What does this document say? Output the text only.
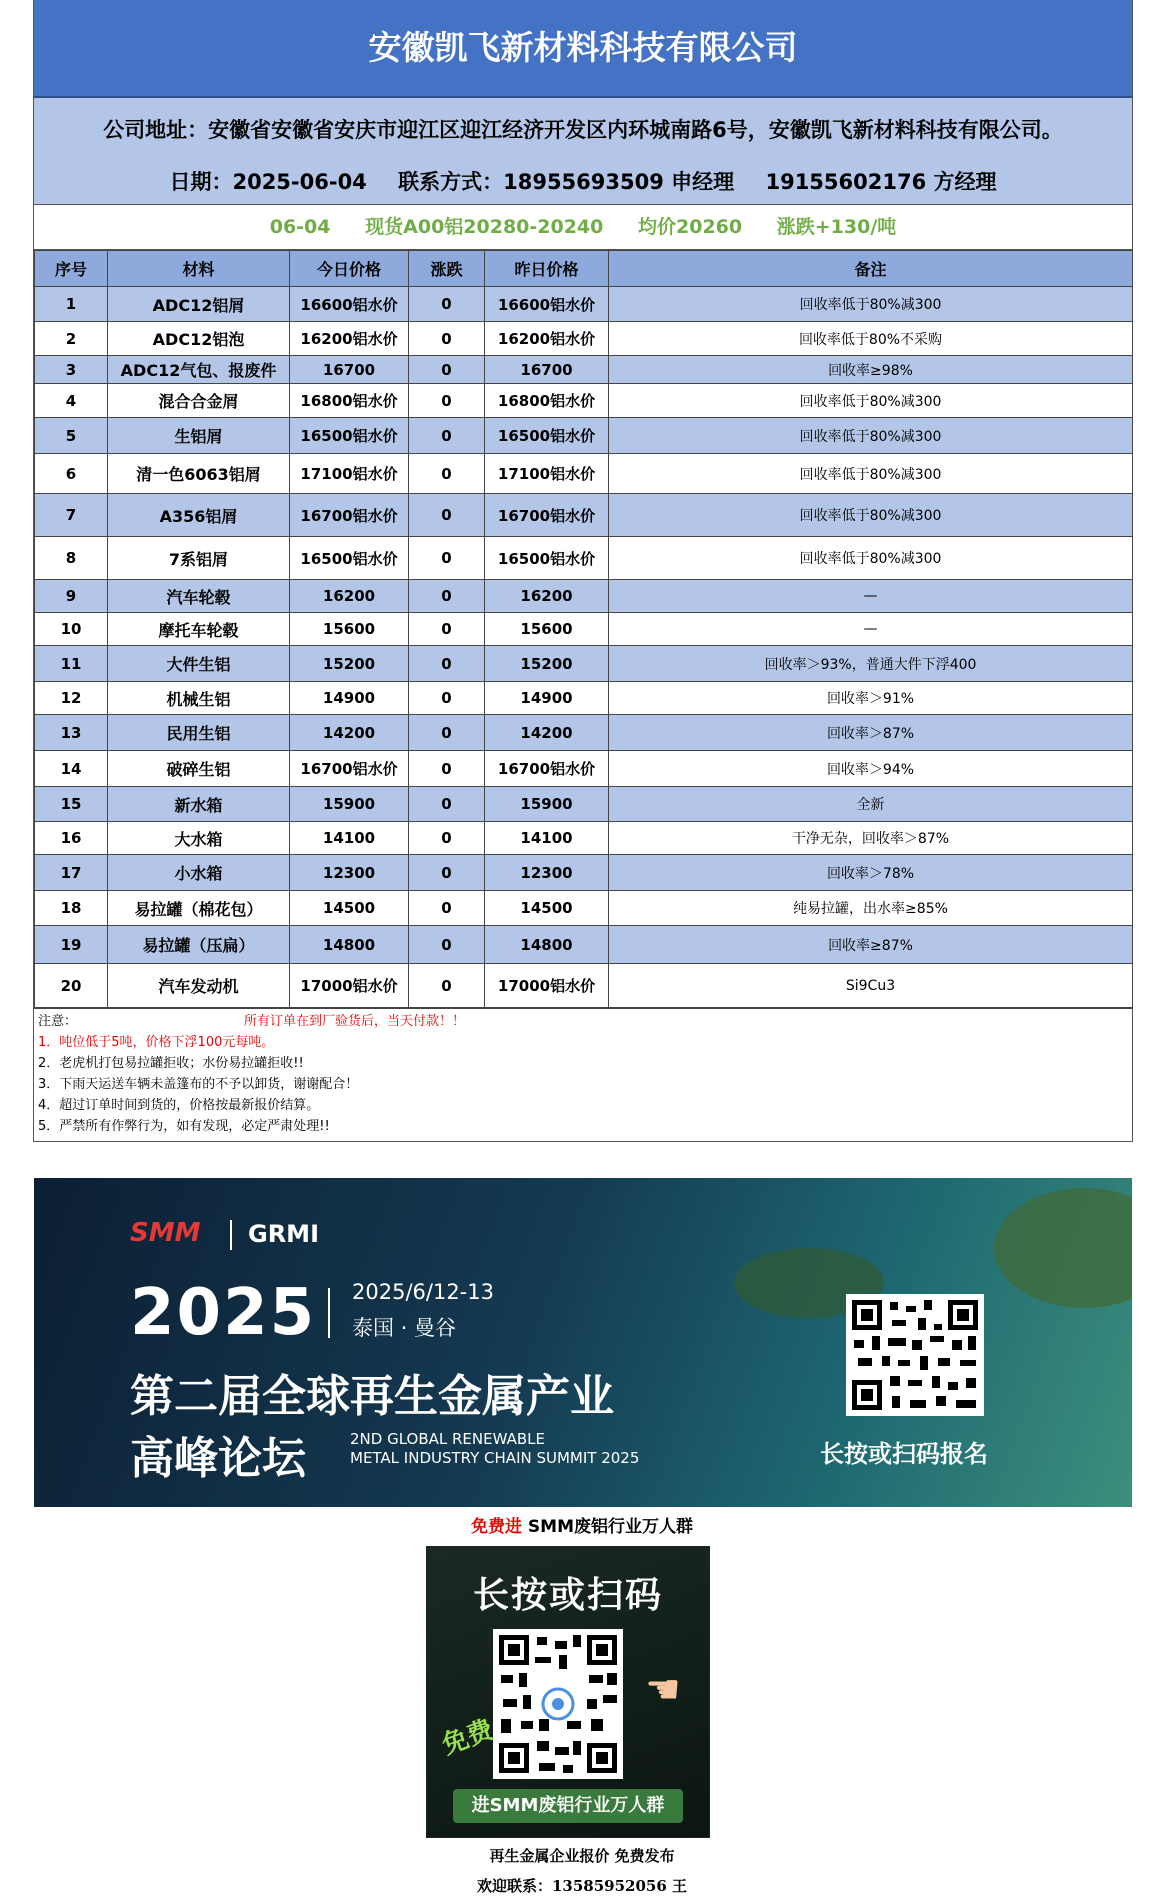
安徽凯飞新材料科技有限公司
公司地址：安徽省安徽省安庆市迎江区迎江经济开发区内环城南路6号，安徽凯飞新材料科技有限公司。
日期：2025-06-04 联系方式：18955693509 申经理 19155602176 方经理
06-04 现货A00铝20280-20240 均价20260 涨跌+130/吨
序号	材料	今日价格	涨跌	昨日价格	备注
1	ADC12铝屑	16600铝水价	0	16600铝水价	回收率低于80%减300
2	ADC12铝泡	16200铝水价	0	16200铝水价	回收率低于80%不采购
3	ADC12气包、报废件	16700	0	16700	回收率≥98%
4	混合合金屑	16800铝水价	0	16800铝水价	回收率低于80%减300
5	生铝屑	16500铝水价	0	16500铝水价	回收率低于80%减300
6	清一色6063铝屑	17100铝水价	0	17100铝水价	回收率低于80%减300
7	A356铝屑	16700铝水价	0	16700铝水价	回收率低于80%减300
8	7系铝屑	16500铝水价	0	16500铝水价	回收率低于80%减300
9	汽车轮毂	16200	0	16200	—
10	摩托车轮毂	15600	0	15600	—
11	大件生铝	15200	0	15200	回收率＞93%，普通大件下浮400
12	机械生铝	14900	0	14900	回收率＞91%
13	民用生铝	14200	0	14200	回收率＞87%
14	破碎生铝	16700铝水价	0	16700铝水价	回收率＞94%
15	新水箱	15900	0	15900	全新
16	大水箱	14100	0	14100	干净无杂，回收率＞87%
17	小水箱	12300	0	12300	回收率＞78%
18	易拉罐（棉花包）	14500	0	14500	纯易拉罐，出水率≥85%
19	易拉罐（压扁）	14800	0	14800	回收率≥87%
20	汽车发动机	17000铝水价	0	17000铝水价	Si9Cu3
注意：	所有订单在到厂验货后，当天付款！！
1．吨位低于5吨，价格下浮100元每吨。
2．老虎机打包易拉罐拒收；水份易拉罐拒收!!
3．下雨天运送车辆未盖篷布的不予以卸货，谢谢配合！
4．超过订单时间到货的，价格按最新报价结算。
5．严禁所有作弊行为，如有发现，必定严肃处理!!
SMM GRMI
2025 2025/6/12-13
泰国 · 曼谷
第二届全球再生金属产业
高峰论坛	2ND GLOBAL RENEWABLE
METAL INDUSTRY CHAIN SUMMIT 2025	长按或扫码报名
免费进 SMM废铝行业万人群
长按或扫码
免费
☚
进SMM废铝行业万人群
再生金属企业报价 免费发布
欢迎联系：13585952056 王
